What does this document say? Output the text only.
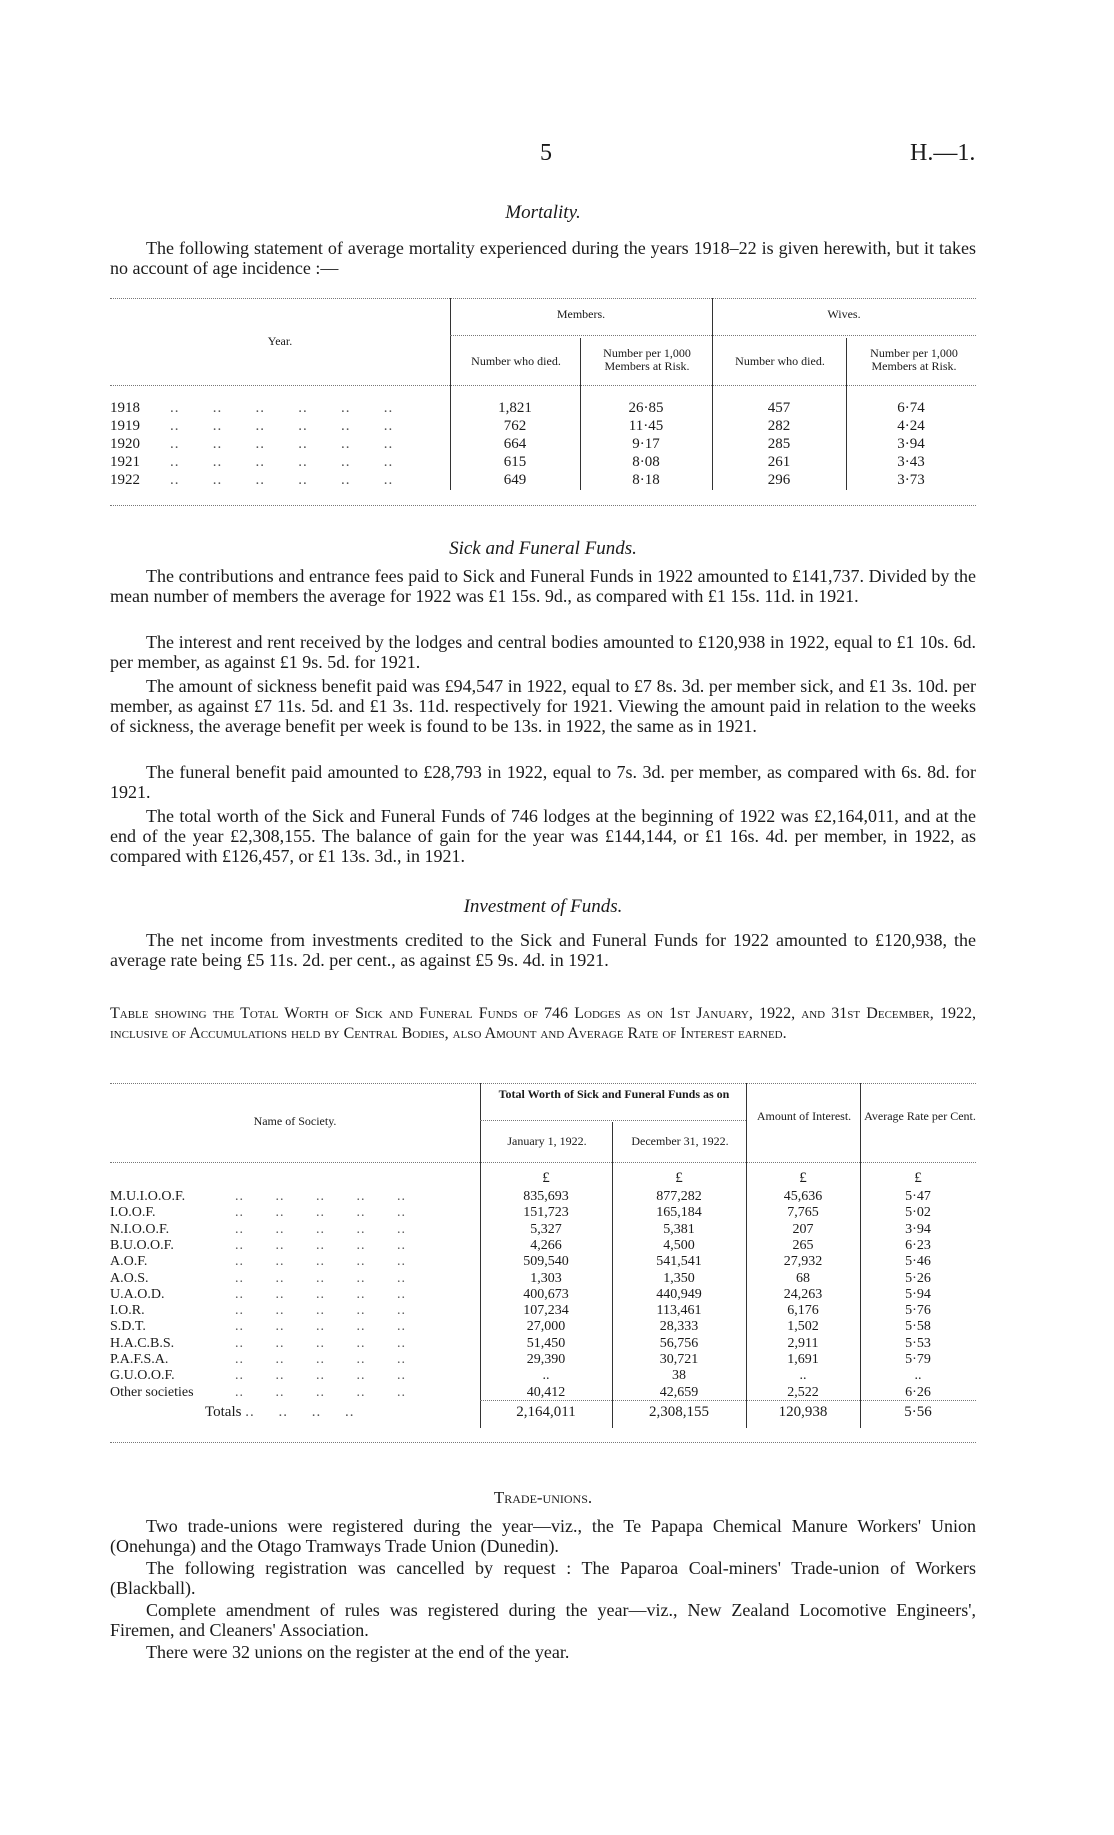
5	H.—1.
Mortality.

The following statement of average mortality experienced during the years 1918–22 is given herewith, but it takes no account of age incidence :—

Year.
Members.	Wives.
Number who died.
Number per 1,000 Members at Risk.	Number who died.
Number per 1,000 Members at Risk.
1918 ..       ..       ..       ..       ..       ..	1,821	26·85	457	6·74
1919 ..       ..       ..       ..       ..       ..	762	11·45	282	4·24
1920 ..       ..       ..       ..       ..       ..	664	9·17	285	3·94
1921 ..       ..       ..       ..       ..       ..	615	8·08	261	3·43
1922 ..       ..       ..       ..       ..       ..	649	8·18	296	3·73
Sick and Funeral Funds.

The contributions and entrance fees paid to Sick and Funeral Funds in 1922 amounted to £141,737. Divided by the mean number of members the average for 1922 was £1 15s. 9d., as compared with £1 15s. 11d. in 1921.

The interest and rent received by the lodges and central bodies amounted to £120,938 in 1922, equal to £1 10s. 6d. per member, as against £1 9s. 5d. for 1921.

The amount of sickness benefit paid was £94,547 in 1922, equal to £7 8s. 3d. per member sick, and £1 3s. 10d. per member, as against £7 11s. 5d. and £1 3s. 11d. respectively for 1921. Viewing the amount paid in relation to the weeks of sickness, the average benefit per week is found to be 13s. in 1922, the same as in 1921.

The funeral benefit paid amounted to £28,793 in 1922, equal to 7s. 3d. per member, as compared with 6s. 8d. for 1921.

The total worth of the Sick and Funeral Funds of 746 lodges at the beginning of 1922 was £2,164,011, and at the end of the year £2,308,155. The balance of gain for the year was £144,144, or £1 16s. 4d. per member, in 1922, as compared with £126,457, or £1 13s. 3d., in 1921.

Investment of Funds.

The net income from investments credited to the Sick and Funeral Funds for 1922 amounted to £120,938, the average rate being £5 11s. 2d. per cent., as against £5 9s. 4d. in 1921.

Table showing the Total Worth of Sick and Funeral Funds of 746 Lodges as on 1st January, 1922, and 31st December, 1922, inclusive of Accumulations held by Central Bodies, also Amount and Average Rate of Interest earned.

Name of Society.
Total Worth of Sick and Funeral Funds as on
January 1, 1922.	December 31, 1922.
Amount of Interest.	Average Rate per Cent.
£	£	£	£
M.U.I.O.O.F.	..       ..       ..       ..       ..	835,693	877,282	45,636	5·47
I.O.O.F.	..       ..       ..       ..       ..	151,723	165,184	7,765	5·02
N.I.O.O.F.	..       ..       ..       ..       ..	5,327	5,381	207	3·94
B.U.O.O.F.	..       ..       ..       ..       ..	4,266	4,500	265	6·23
A.O.F.	..       ..       ..       ..       ..	509,540	541,541	27,932	5·46
A.O.S.	..       ..       ..       ..       ..	1,303	1,350	68	5·26
U.A.O.D.	..       ..       ..       ..       ..	400,673	440,949	24,263	5·94
I.O.R.	..       ..       ..       ..       ..	107,234	113,461	6,176	5·76
S.D.T.	..       ..       ..       ..       ..	27,000	28,333	1,502	5·58
H.A.C.B.S.	..       ..       ..       ..       ..	51,450	56,756	2,911	5·53
P.A.F.S.A.	..       ..       ..       ..       ..	29,390	30,721	1,691	5·79
G.U.O.O.F.	..       ..       ..       ..       ..	..	38	..	..
Other societies	..       ..       ..       ..       ..	40,412	42,659	2,522	6·26
Totals ..     ..     ..     ..	2,164,011	2,308,155	120,938	5·56
Trade-unions.

Two trade-unions were registered during the year—viz., the Te Papapa Chemical Manure Workers' Union (Onehunga) and the Otago Tramways Trade Union (Dunedin).

The following registration was cancelled by request : The Paparoa Coal-miners' Trade-union of Workers (Blackball).

Complete amendment of rules was registered during the year—viz., New Zealand Locomotive Engineers', Firemen, and Cleaners' Association.

There were 32 unions on the register at the end of the year.
